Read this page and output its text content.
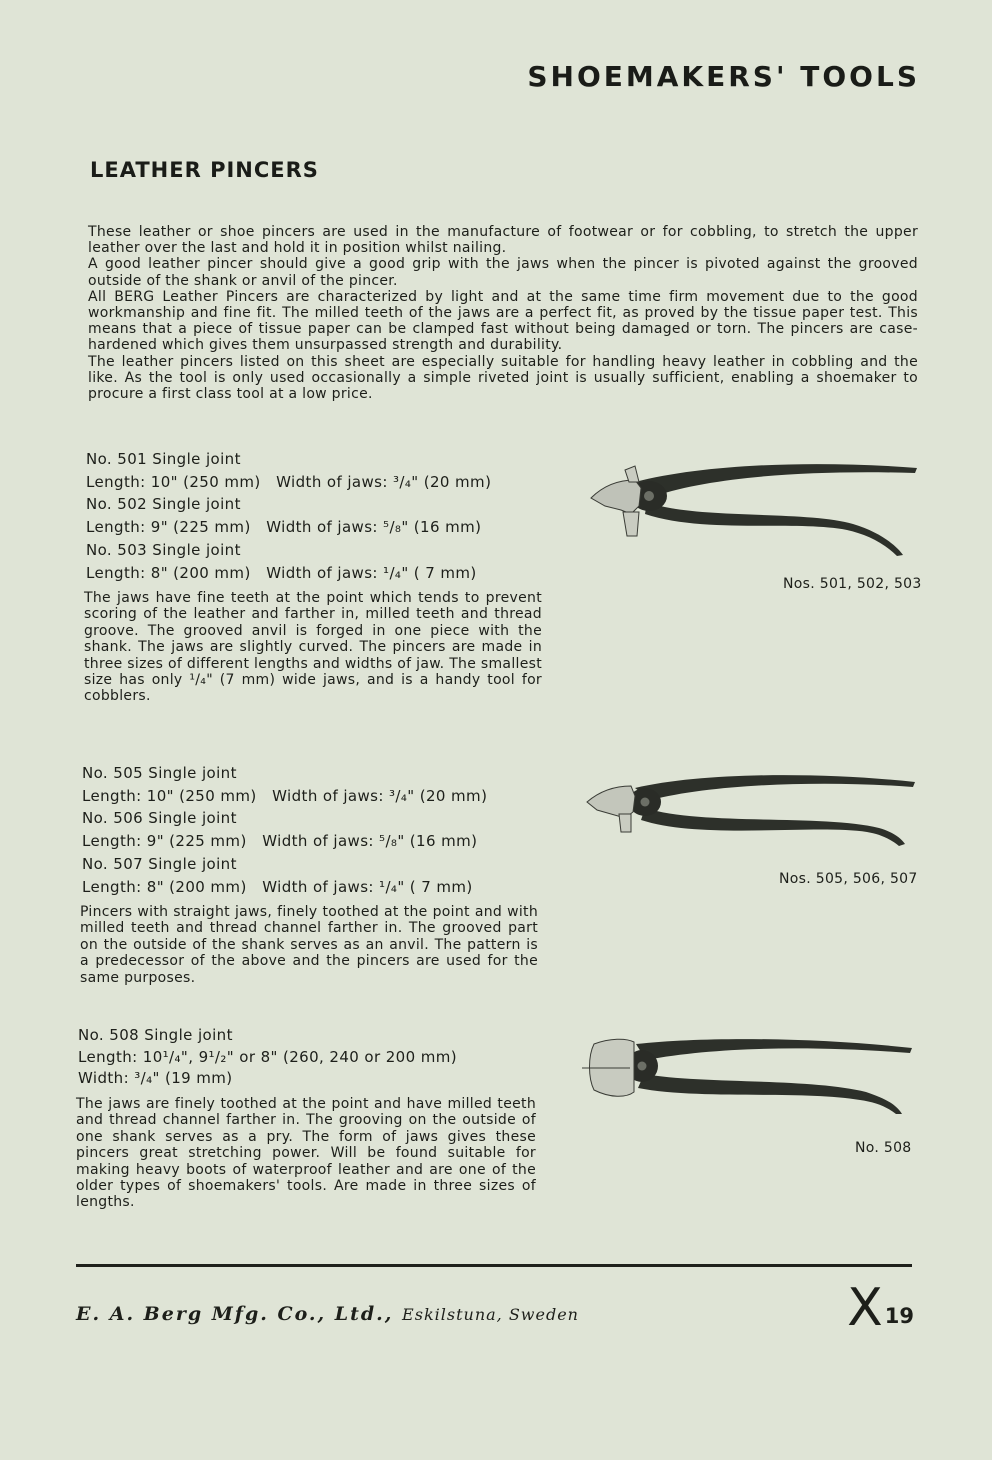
SHOEMAKERS' TOOLS
LEATHER PINCERS

These leather or shoe pincers are used in the manufacture of footwear or for cobbling, to stretch the upper leather over the last and hold it in position whilst nailing.

A good leather pincer should give a good grip with the jaws when the pincer is pivoted against the grooved outside of the shank or anvil of the pincer.

All BERG Leather Pincers are characterized by light and at the same time firm movement due to the good workmanship and fine fit. The milled teeth of the jaws are a perfect fit, as proved by the tissue paper test. This means that a piece of tissue paper can be clamped fast without being damaged or torn. The pincers are case-hardened which gives them unsurpassed strength and durability.

The leather pincers listed on this sheet are especially suitable for handling heavy leather in cobbling and the like. As the tool is only used occasionally a simple riveted joint is usually sufficient, enabling a shoemaker to procure a first class tool at a low price.

No. 501 Single joint
Length: 10" (250 mm) Width of jaws: ³/₄" (20 mm)
No. 502 Single joint
Length: 9" (225 mm) Width of jaws: ⁵/₈" (16 mm)
No. 503 Single joint
Length: 8" (200 mm) Width of jaws: ¹/₄" ( 7 mm)

The jaws have fine teeth at the point which tends to prevent scoring of the leather and farther in, milled teeth and thread groove. The grooved anvil is forged in one piece with the shank. The jaws are slightly curved. The pincers are made in three sizes of different lengths and widths of jaw. The smallest size has only ¹/₄" (7 mm) wide jaws, and is a handy tool for cobblers.

Nos. 501, 502, 503
No. 505 Single joint
Length: 10" (250 mm) Width of jaws: ³/₄" (20 mm)
No. 506 Single joint
Length: 9" (225 mm) Width of jaws: ⁵/₈" (16 mm)
No. 507 Single joint
Length: 8" (200 mm) Width of jaws: ¹/₄" ( 7 mm)

Pincers with straight jaws, finely toothed at the point and with milled teeth and thread channel farther in. The grooved part on the outside of the shank serves as an anvil. The pattern is a predecessor of the above and the pincers are used for the same purposes.

Nos. 505, 506, 507
No. 508 Single joint
Length: 10¹/₄", 9¹/₂" or 8" (260, 240 or 200 mm)
Width: ³/₄" (19 mm)

The jaws are finely toothed at the point and have milled teeth and thread channel farther in. The grooving on the outside of one shank serves as a pry. The form of jaws gives these pincers great stretching power. Will be found suitable for making heavy boots of waterproof leather and are one of the older types of shoemakers' tools. Are made in three sizes of lengths.

No. 508
E. A. Berg Mfg. Co., Ltd., Eskilstuna, Sweden	X 19
